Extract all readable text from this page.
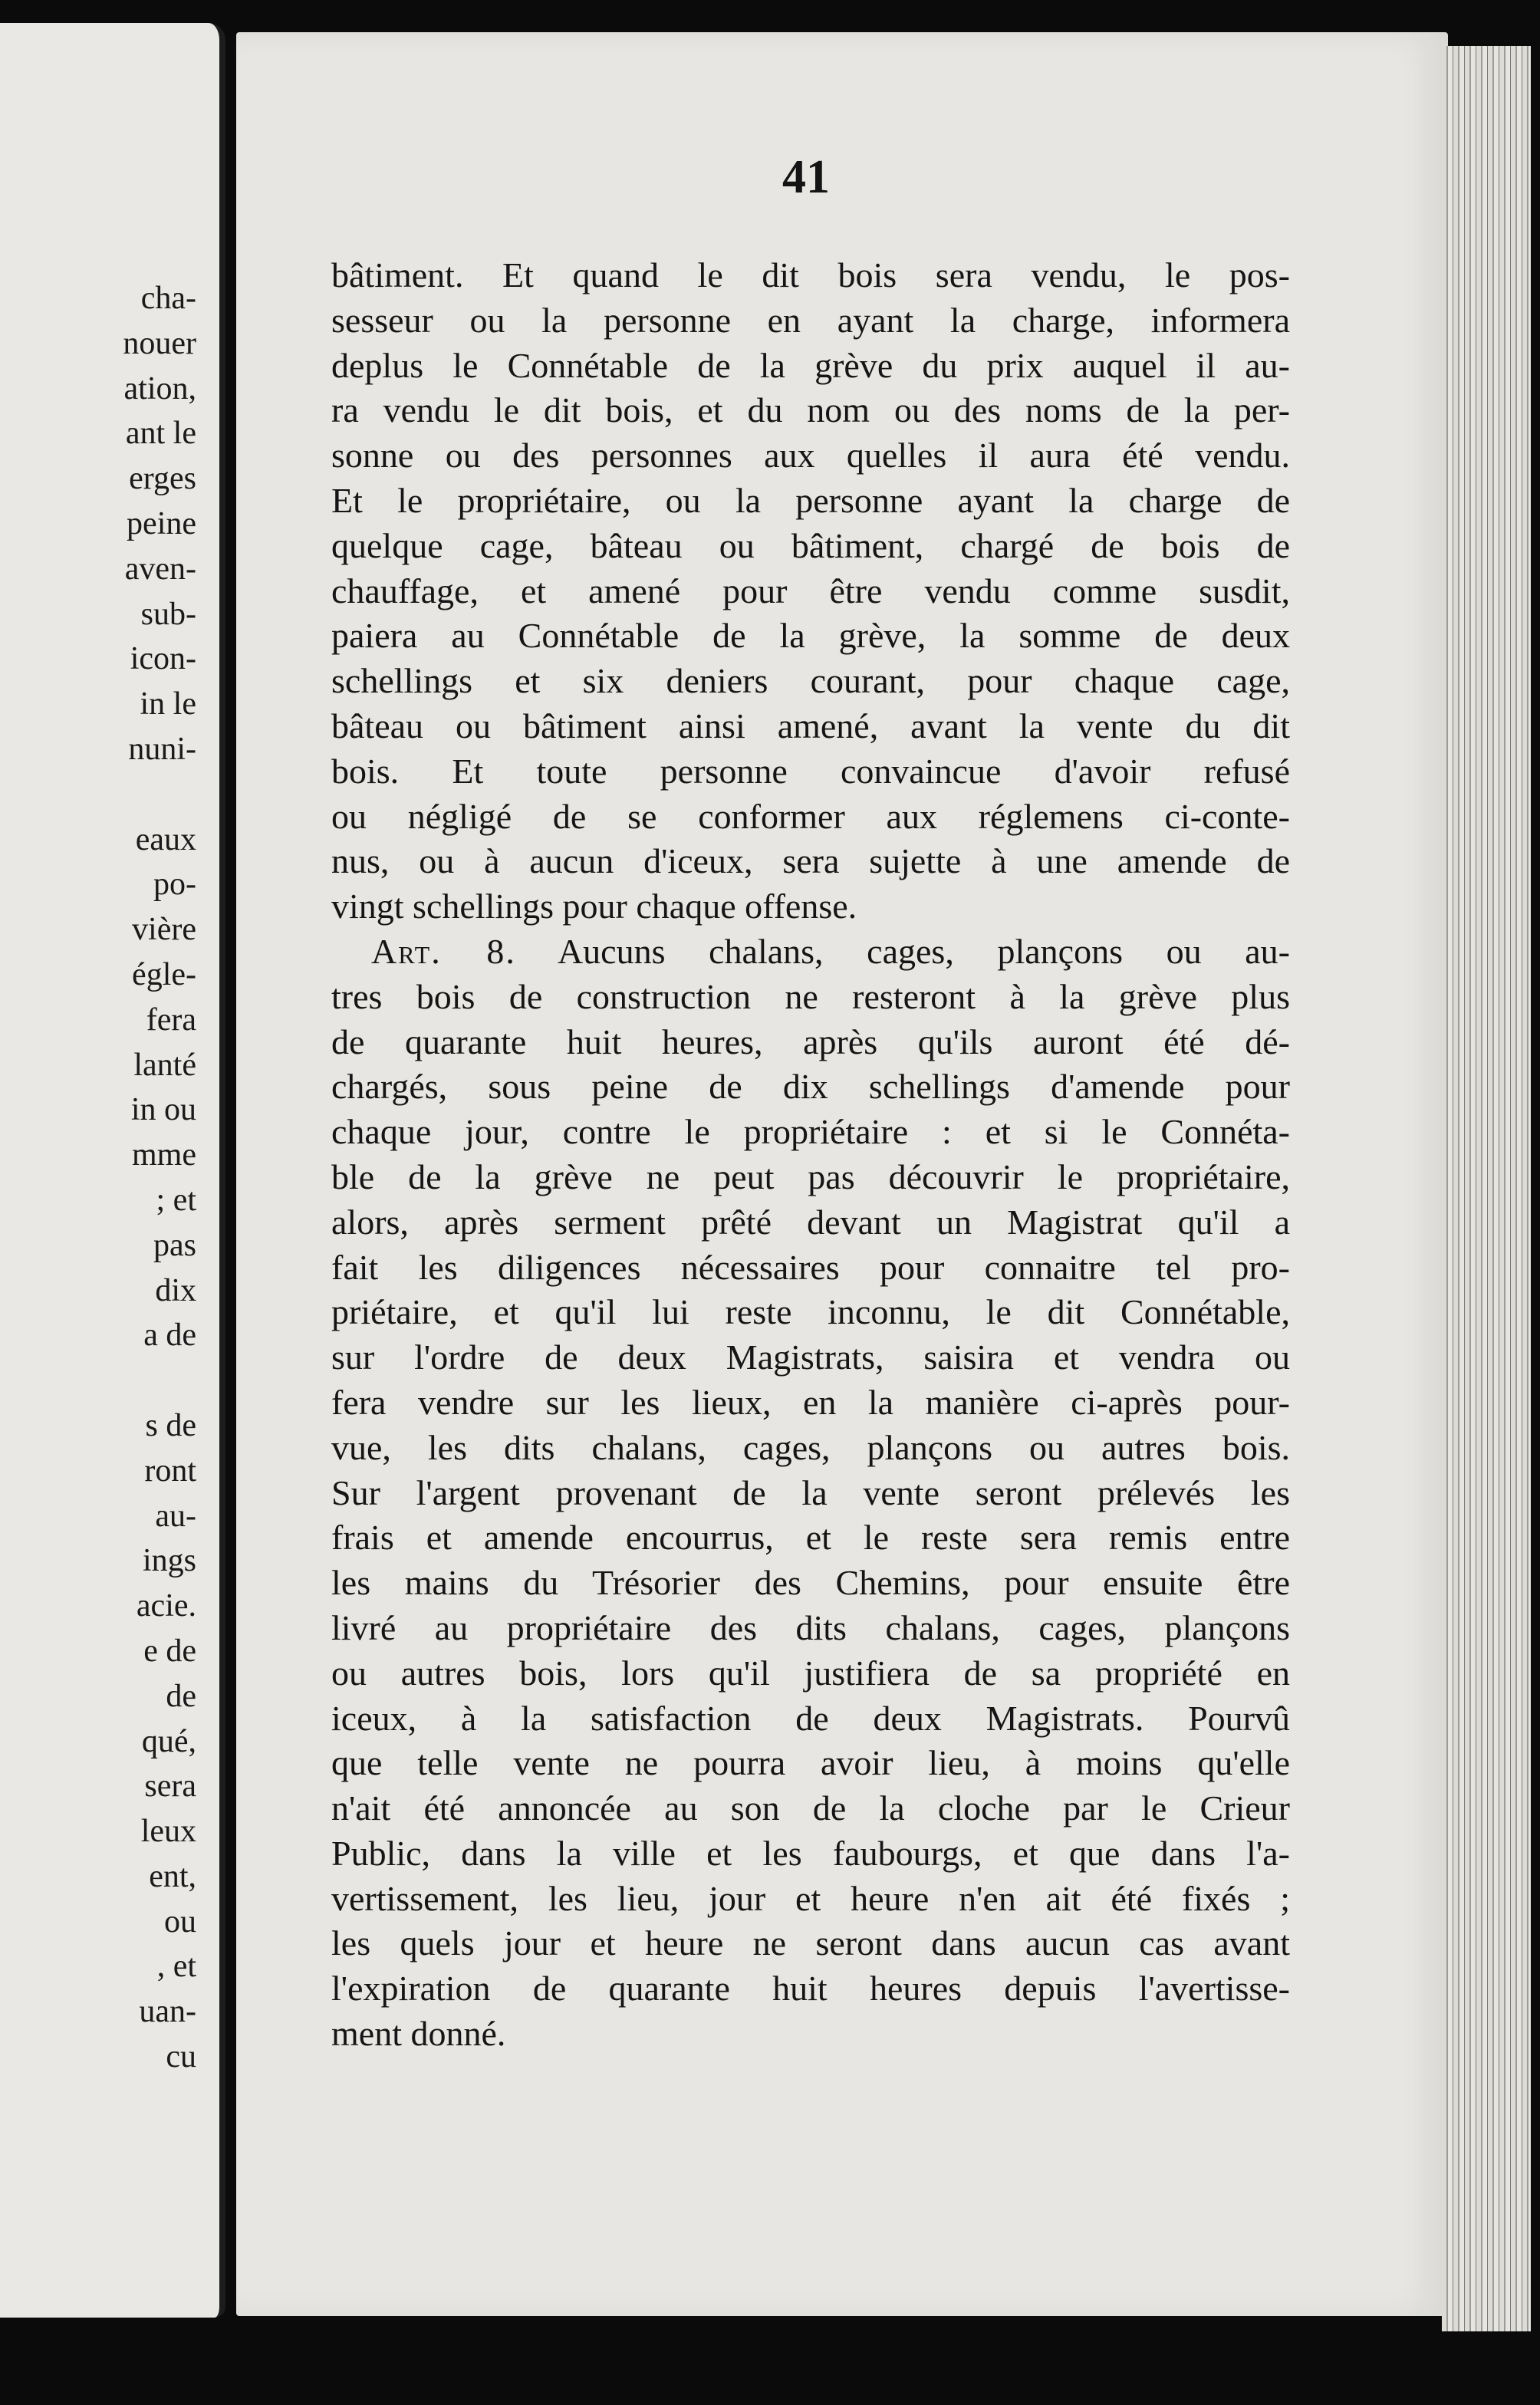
cha-
nouer
ation,
ant le
erges
peine
aven-
sub-
icon-
in le
nuni-
eaux
po-
vière
égle-
fera
lanté
in ou
mme
; et
pas
dix
a de
s de
ront
au-
ings
acie.
e de
de
qué,
sera
leux
ent,
ou
, et
uan-
cu
41
bâtiment. Et quand le dit bois sera vendu, le pos-
sesseur ou la personne en ayant la charge, informera
deplus le Connétable de la grève du prix auquel il au-
ra vendu le dit bois, et du nom ou des noms de la per-
sonne ou des personnes aux quelles il aura été vendu.
Et le propriétaire, ou la personne ayant la charge de
quelque cage, bâteau ou bâtiment, chargé de bois de
chauffage, et amené pour être vendu comme susdit,
paiera au Connétable de la grève, la somme de deux
schellings et six deniers courant, pour chaque cage,
bâteau ou bâtiment ainsi amené, avant la vente du dit
bois. Et toute personne convaincue d'avoir refusé
ou négligé de se conformer aux réglemens ci-conte-
nus, ou à aucun d'iceux, sera sujette à une amende de
vingt schellings pour chaque offense.
Art. 8. Aucuns chalans, cages, plançons ou au-
tres bois de construction ne resteront à la grève plus
de quarante huit heures, après qu'ils auront été dé-
chargés, sous peine de dix schellings d'amende pour
chaque jour, contre le propriétaire : et si le Connéta-
ble de la grève ne peut pas découvrir le propriétaire,
alors, après serment prêté devant un Magistrat qu'il a
fait les diligences nécessaires pour connaitre tel pro-
priétaire, et qu'il lui reste inconnu, le dit Connétable,
sur l'ordre de deux Magistrats, saisira et vendra ou
fera vendre sur les lieux, en la manière ci-après pour-
vue, les dits chalans, cages, plançons ou autres bois.
Sur l'argent provenant de la vente seront prélevés les
frais et amende encourrus, et le reste sera remis entre
les mains du Trésorier des Chemins, pour ensuite être
livré au propriétaire des dits chalans, cages, plançons
ou autres bois, lors qu'il justifiera de sa propriété en
iceux, à la satisfaction de deux Magistrats. Pourvû
que telle vente ne pourra avoir lieu, à moins qu'elle
n'ait été annoncée au son de la cloche par le Crieur
Public, dans la ville et les faubourgs, et que dans l'a-
vertissement, les lieu, jour et heure n'en ait été fixés ;
les quels jour et heure ne seront dans aucun cas avant
l'expiration de quarante huit heures depuis l'avertisse-
ment donné.
